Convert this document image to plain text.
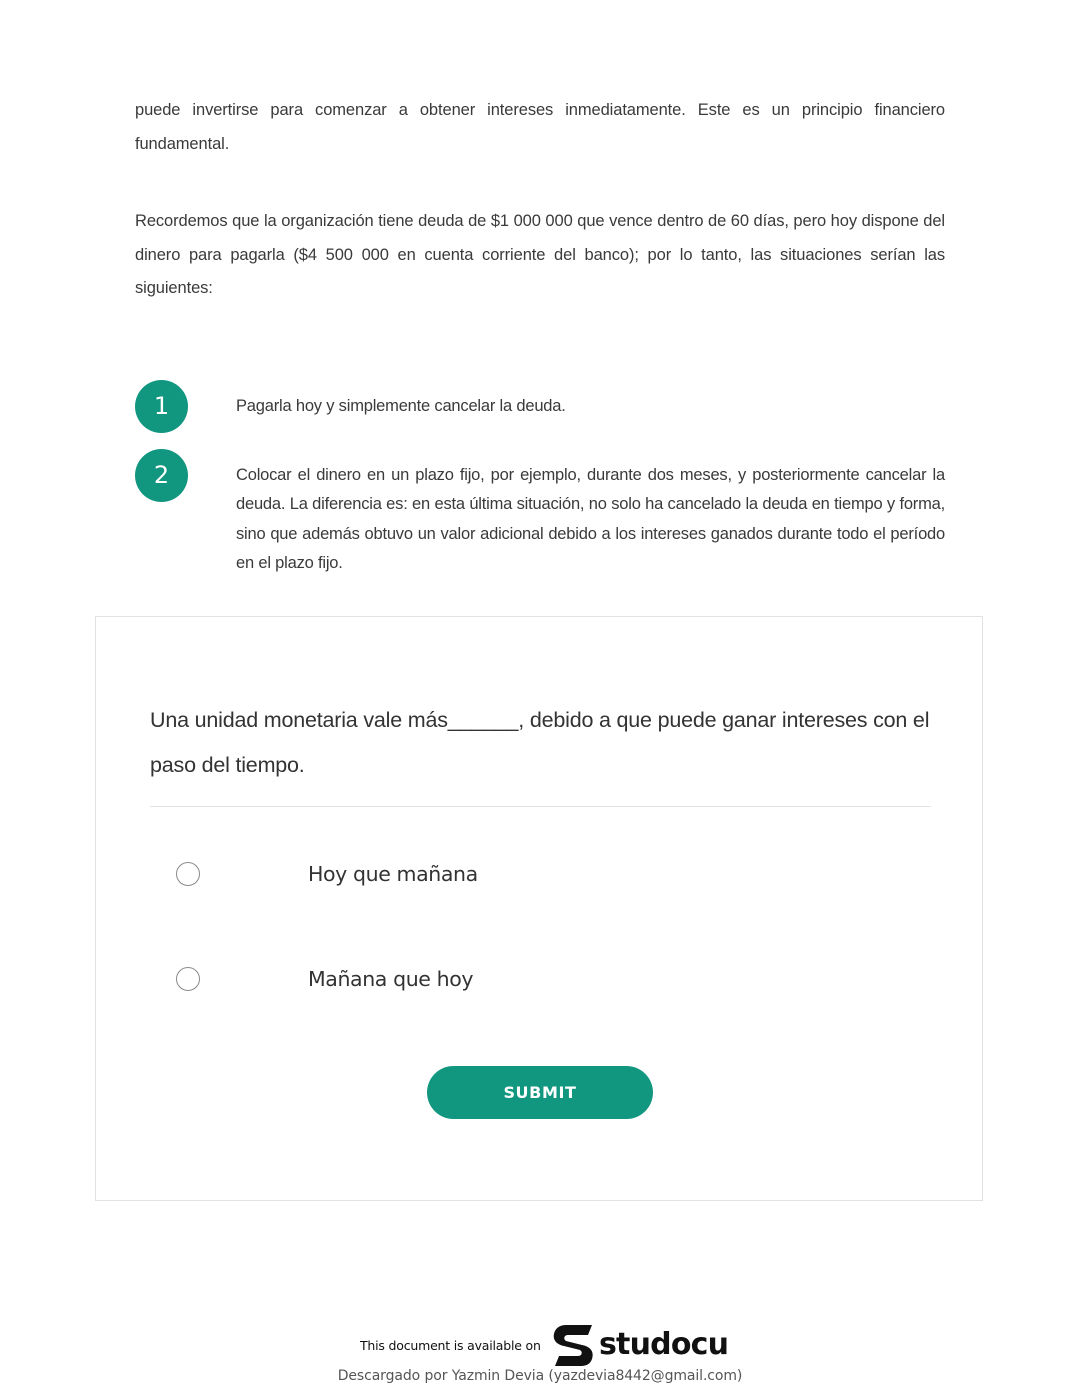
puede invertirse para comenzar a obtener intereses inmediatamente. Este es un principio financiero fundamental.

Recordemos que la organización tiene deuda de $1 000 000 que vence dentro de 60 días, pero hoy dispone del dinero para pagarla ($4 500 000 en cuenta corriente del banco); por lo tanto, las situaciones serían las siguientes:

1	Pagarla hoy y simplemente cancelar la deuda.
2	Colocar el dinero en un plazo fijo, por ejemplo, durante dos meses, y posteriormente cancelar la deuda. La diferencia es: en esta última situación, no solo ha cancelado la deuda en tiempo y forma, sino que además obtuvo un valor adicional debido a los intereses ganados durante todo el período en el plazo fijo.
Una unidad monetaria vale más______, debido a que puede ganar intereses con el paso del tiempo.
Hoy que mañana
Mañana que hoy
SUBMIT
This document is available on studocu
Descargado por Yazmin Devia (yazdevia8442@gmail.com)
